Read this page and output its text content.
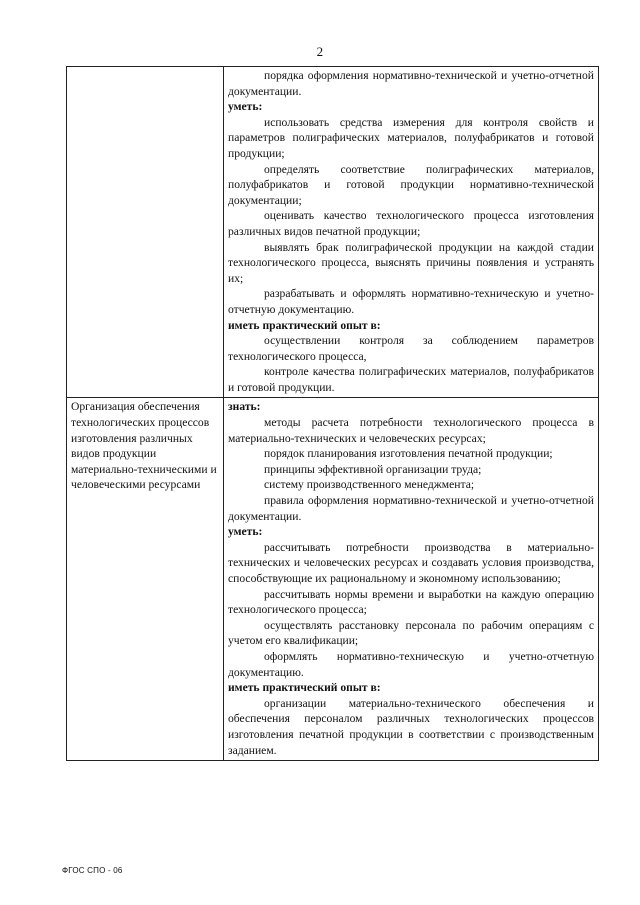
2

порядка оформления нормативно-технической и учетно-отчетной документации.

уметь:

использовать средства измерения для контроля свойств и параметров полиграфических материалов, полуфабрикатов и готовой продукции;

определять соответствие полиграфических материалов, полуфабрикатов и готовой продукции нормативно-технической документации;

оценивать качество технологического процесса изготовления различных видов печатной продукции;

выявлять брак полиграфической продукции на каждой стадии технологического процесса, выяснять причины появления и устранять их;

разрабатывать и оформлять нормативно-техническую и учетно-отчетную документацию.

иметь практический опыт в:

осуществлении контроля за соблюдением параметров технологического процесса,

контроле качества полиграфических материалов, полуфабрикатов и готовой продукции.

Организация обеспечения технологических процессов изготовления различных видов продукции материально-техническими и человеческими ресурсами

знать:

методы расчета потребности технологического процесса в материально-технических и человеческих ресурсах;

порядок планирования изготовления печатной продукции;

принципы эффективной организации труда;

систему производственного менеджмента;

правила оформления нормативно-технической и учетно-отчетной документации.

уметь:

рассчитывать потребности производства в материально-технических и человеческих ресурсах и создавать условия производства, способствующие их рациональному и экономному использованию;

рассчитывать нормы времени и выработки на каждую операцию технологического процесса;

осуществлять расстановку персонала по рабочим операциям с учетом его квалификации;

оформлять нормативно-техническую и учетно-отчетную документацию.

иметь практический опыт в:

организации материально-технического обеспечения и обеспечения персоналом различных технологических процессов изготовления печатной продукции в соответствии с производственным заданием.

ФГОС СПО - 06
